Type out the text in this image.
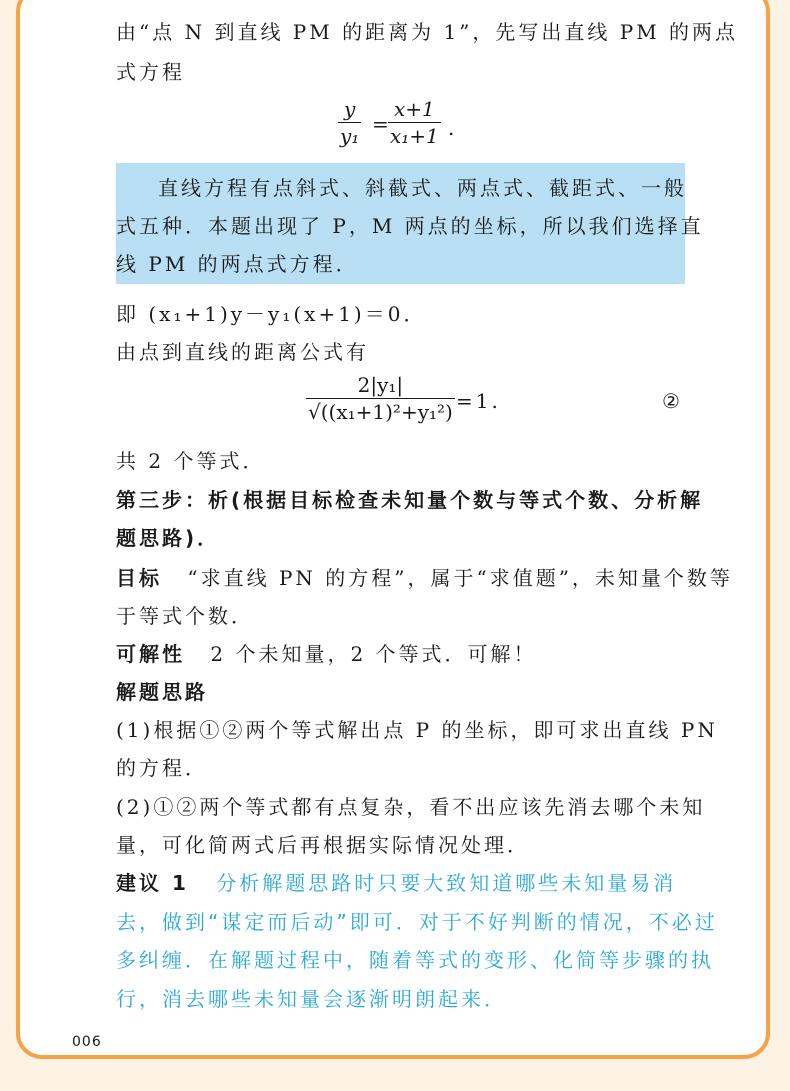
由“点 N 到直线 PM 的距离为 1”，先写出直线 PM 的两点
式方程
y
y₁ =
x+1
x₁+1 .
直线方程有点斜式、斜截式、两点式、截距式、一般
式五种．本题出现了 P，M 两点的坐标，所以我们选择直
线 PM 的两点式方程．
即 (x₁+1)y－y₁(x+1)＝0．
由点到直线的距离公式有
2|y₁|
√((x₁+1)²+y₁²) =1.	②
共 2 个等式．
第三步：析(根据目标检查未知量个数与等式个数、分析解
题思路)．
目标 “求直线 PN 的方程”，属于“求值题”，未知量个数等
于等式个数．
可解性 2 个未知量，2 个等式．可解！
解题思路
(1)根据①②两个等式解出点 P 的坐标，即可求出直线 PN
的方程．
(2)①②两个等式都有点复杂，看不出应该先消去哪个未知
量，可化简两式后再根据实际情况处理．
建议 1 分析解题思路时只要大致知道哪些未知量易消
去，做到“谋定而后动”即可．对于不好判断的情况，不必过
多纠缠．在解题过程中，随着等式的变形、化简等步骤的执
行，消去哪些未知量会逐渐明朗起来．
006
